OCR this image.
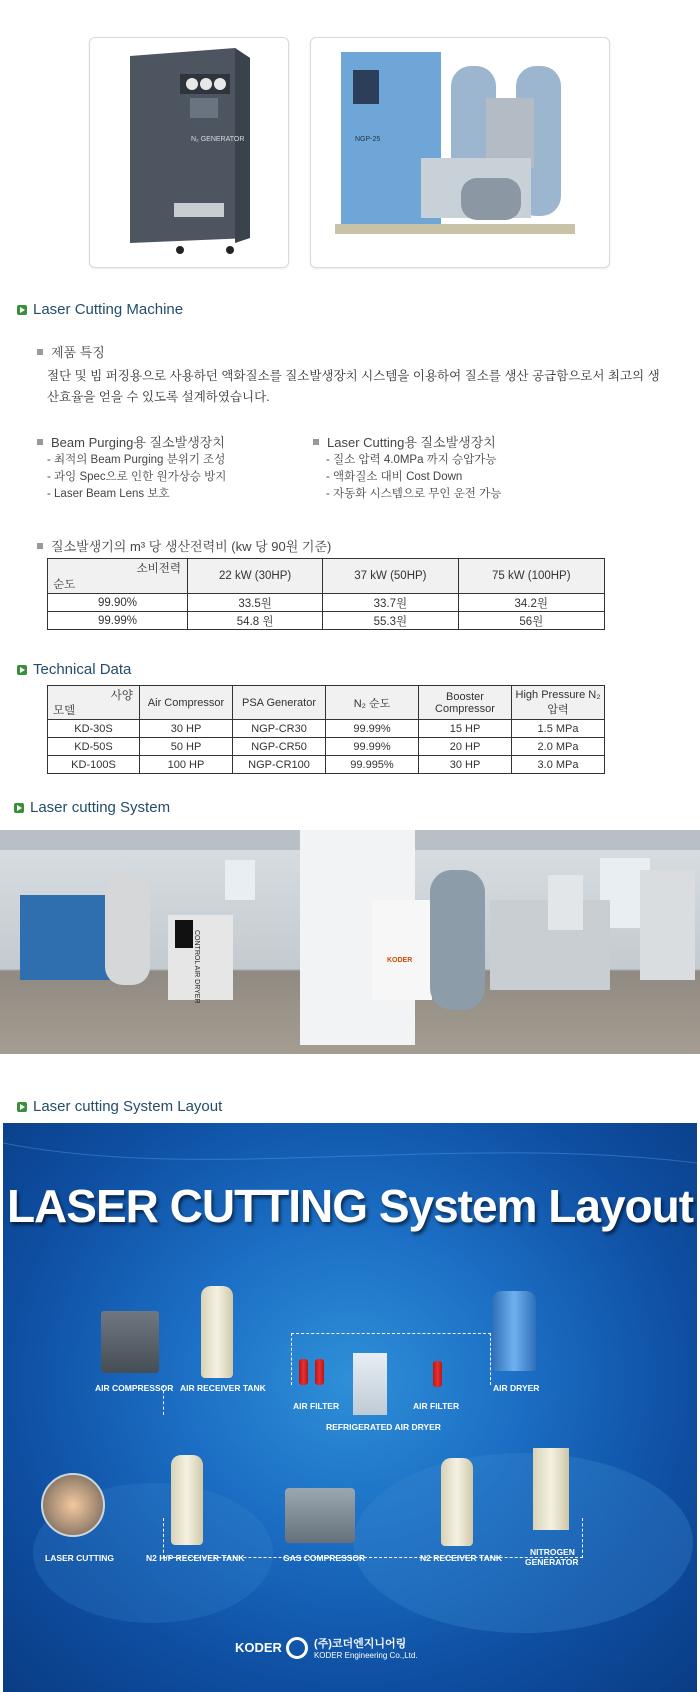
N₂ GENERATOR	NGP-25
Laser Cutting Machine
제품 특징
절단 및 빔 퍼징용으로 사용하던 액화질소를 질소발생장치 시스템을 이용하여 질소를 생산 공급함으로서 최고의 생산효율을 얻을 수 있도록 설계하였습니다.
Beam Purging용 질소발생장치
- 최적의 Beam Purging 분위기 조성
- 과잉 Spec으로 인한 원가상승 방지
- Laser Beam Lens 보호
Laser Cutting용 질소발생장치
- 질소 압력 4.0MPa 까지 승압가능
- 액화질소 대비 Cost Down
- 자동화 시스템으로 무인 운전 가능
질소발생기의 m³ 당 생산전력비 (kw 당 90원 기준)
소비전력
순도	22 kW (30HP)	37 kW (50HP)	75 kW (100HP)
99.90%	33.5원	33.7원	34.2원
99.99%	54.8 원	55.3원	56원
Technical Data
사양
모델	Air Compressor	PSA Generator	N₂ 순도	Booster Compressor	High Pressure N₂ 압력
KD-30S	30 HP	NGP-CR30	99.99%	15 HP	1.5 MPa
KD-50S	50 HP	NGP-CR50	99.99%	20 HP	2.0 MPa
KD-100S	100 HP	NGP-CR100	99.995%	30 HP	3.0 MPa
Laser cutting System
CONTROL AIR DRYER	KODER
Laser cutting System Layout
LASER CUTTING System Layout
AIR COMPRESSOR AIR RECEIVER TANK
AIR FILTER
REFRIGERATED AIR DRYER
AIR FILTER
AIR DRYER
LASER CUTTING	N2 H/P RECEIVER TANK	GAS COMPRESSOR	N2 RECEIVER TANK
NITROGEN
GENERATOR
KODER	(주)코더엔지니어링
KODER Engineering Co.,Ltd.
